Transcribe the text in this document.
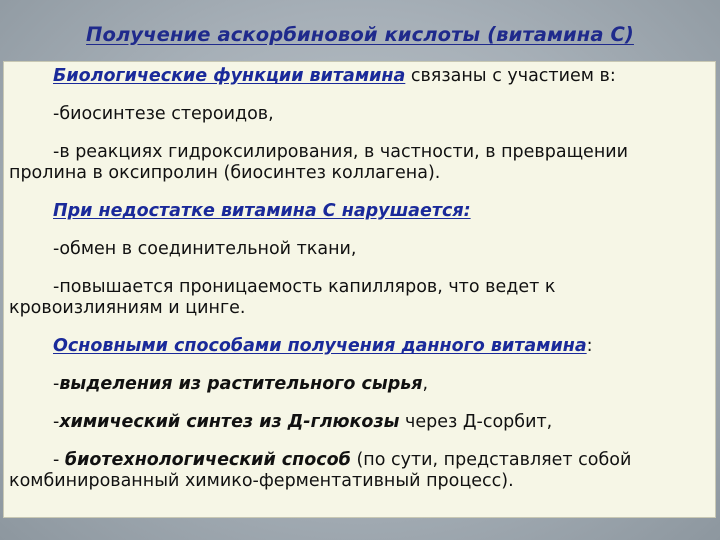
Получение аскорбиновой кислоты (витамина С)

Биологические функции витамина связаны с участием в:

-биосинтезе стероидов,

-в реакциях гидроксилирования, в частности, в превращении пролина в оксипролин (биосинтез коллагена).

При недостатке витамина С нарушается:

-обмен в соединительной ткани,

-повышается проницаемость капилляров, что ведет к кровоизлияниям и цинге.

Основными способами получения данного витамина:

-выделения из растительного сырья,

-химический синтез из Д-глюкозы через Д-сорбит,

- биотехнологический способ (по сути, представляет собой комбинированный химико-ферментативный процесс).
